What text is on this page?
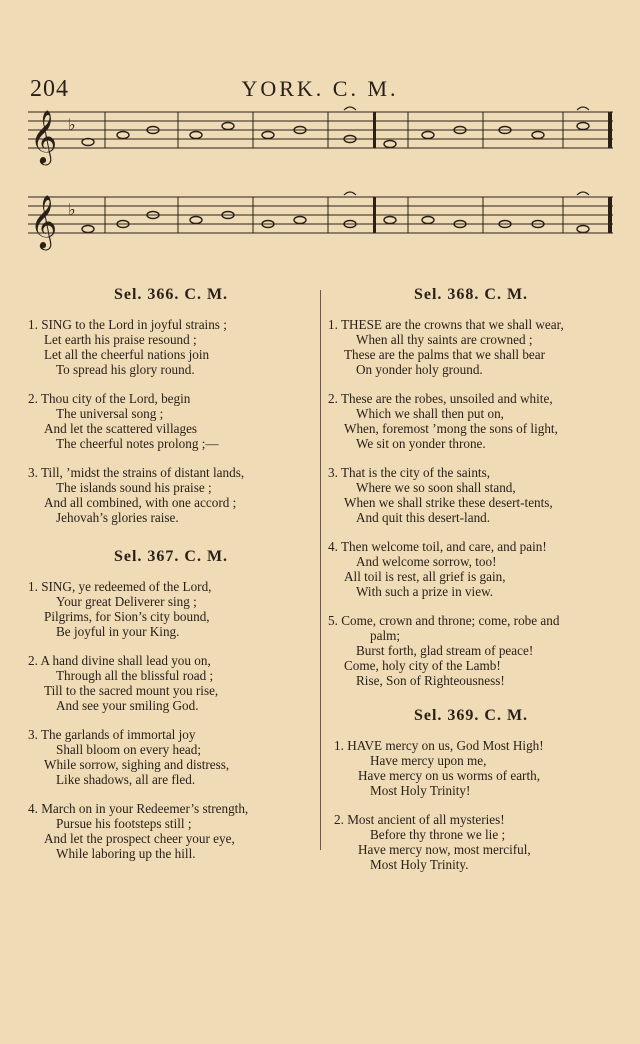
204	YORK. C. M.
𝄞 ♭
𝄞 ♭
Sel. 366. C. M.
1. SING to the Lord in joyful strains ;
Let earth his praise resound ;
Let all the cheerful nations join
To spread his glory round.
2. Thou city of the Lord, begin
The universal song ;
And let the scattered villages
The cheerful notes prolong ;—
3. Till, ’midst the strains of distant lands,
The islands sound his praise ;
And all combined, with one accord ;
Jehovah’s glories raise.
Sel. 367. C. M.
1. SING, ye redeemed of the Lord,
Your great Deliverer sing ;
Pilgrims, for Sion’s city bound,
Be joyful in your King.
2. A hand divine shall lead you on,
Through all the blissful road ;
Till to the sacred mount you rise,
And see your smiling God.
3. The garlands of immortal joy
Shall bloom on every head;
While sorrow, sighing and distress,
Like shadows, all are fled.
4. March on in your Redeemer’s strength,
Pursue his footsteps still ;
And let the prospect cheer your eye,
While laboring up the hill.
Sel. 368. C. M.
1. THESE are the crowns that we shall wear,
When all thy saints are crowned ;
These are the palms that we shall bear
On yonder holy ground.
2. These are the robes, unsoiled and white,
Which we shall then put on,
When, foremost ’mong the sons of light,
We sit on yonder throne.
3. That is the city of the saints,
Where we so soon shall stand,
When we shall strike these desert-tents,
And quit this desert-land.
4. Then welcome toil, and care, and pain!
And welcome sorrow, too!
All toil is rest, all grief is gain,
With such a prize in view.
5. Come, crown and throne; come, robe and
palm;
Burst forth, glad stream of peace!
Come, holy city of the Lamb!
Rise, Son of Righteousness!
Sel. 369. C. M.
1. HAVE mercy on us, God Most High!
Have mercy upon me,
Have mercy on us worms of earth,
Most Holy Trinity!
2. Most ancient of all mysteries!
Before thy throne we lie ;
Have mercy now, most merciful,
Most Holy Trinity.
